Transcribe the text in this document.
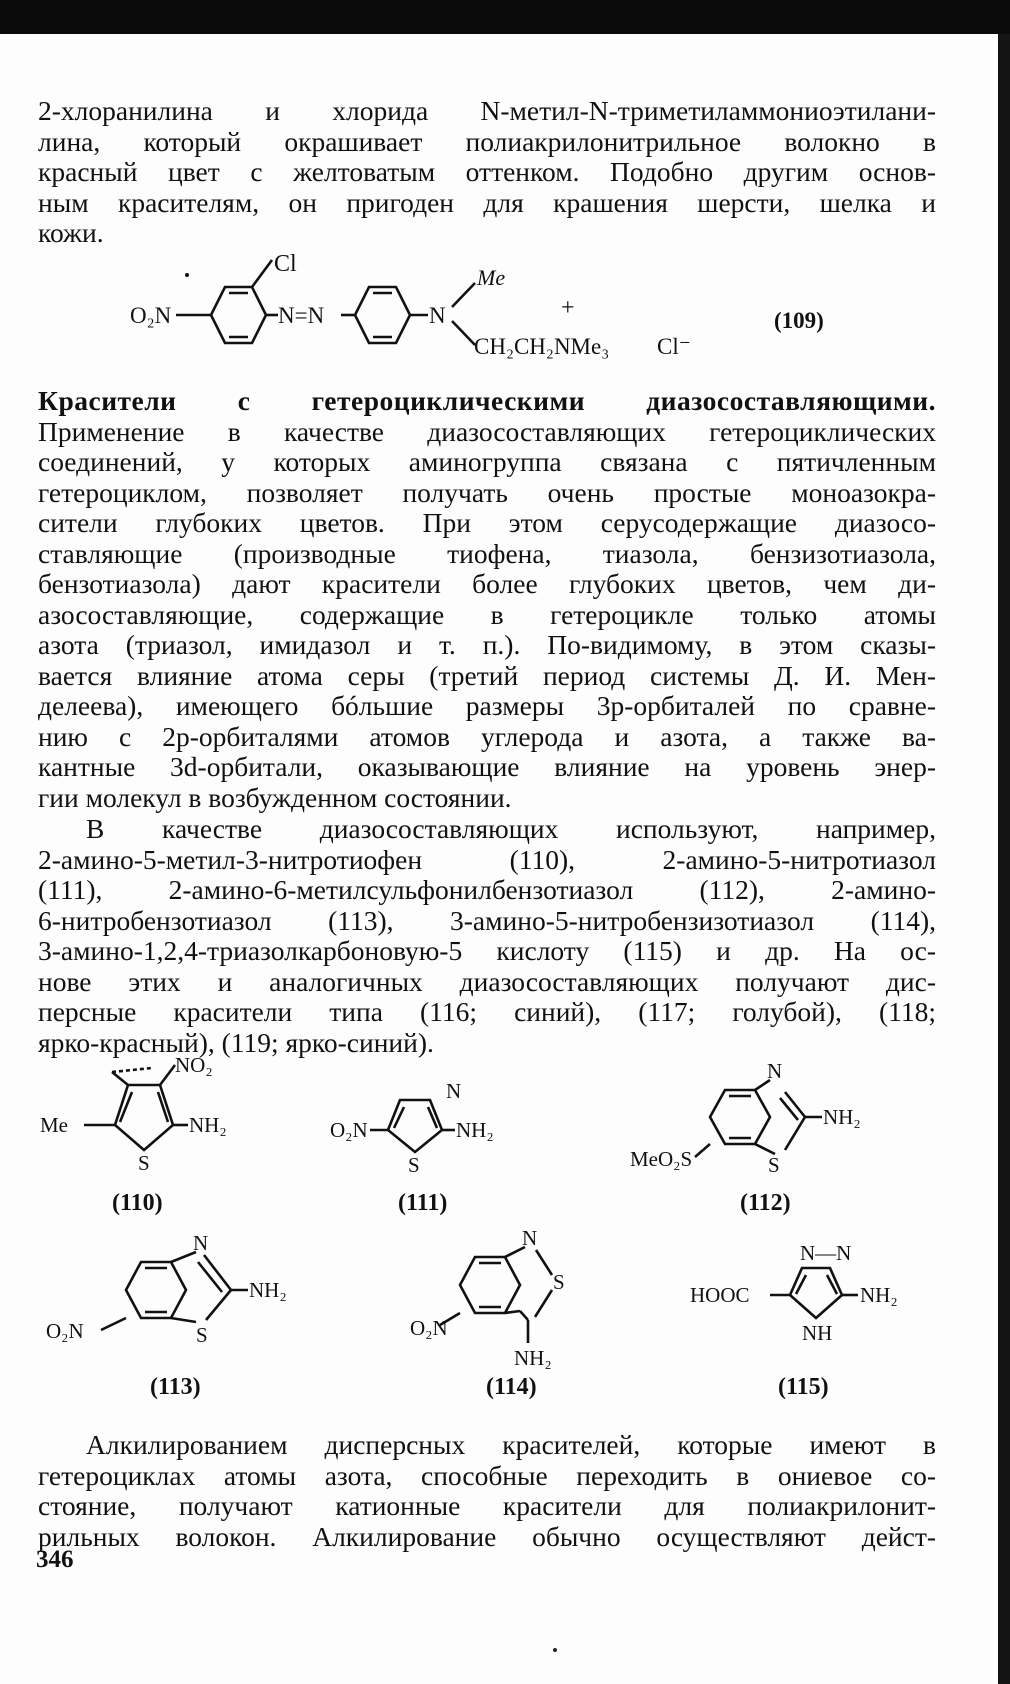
2-хлоранилина и хлорида N-метил-N-триметиламмониоэтилани-
лина, который окрашивает полиакрилонитрильное волокно в
красный цвет с желтоватым оттенком. Подобно другим основ-
ным красителям, он пригоден для крашения шерсти, шелка и
кожи.
Cl
O₂N	N=N	N
Me
+
CH₂CH₂NMe₃ Cl⁻
(109)
Красители с гетероциклическими диазосоставляющими.
Применение в качестве диазосоставляющих гетероциклических
соединений, у которых аминогруппа связана с пятичленным
гетероциклом, позволяет получать очень простые моноазокра-
сители глубоких цветов. При этом серусодержащие диазосо-
ставляющие (производные тиофена, тиазола, бензизотиазола,
бензотиазола) дают красители более глубоких цветов, чем ди-
азосоставляющие, содержащие в гетероцикле только атомы
азота (триазол, имидазол и т. п.). По-видимому, в этом сказы-
вается влияние атома серы (третий период системы Д. И. Мен-
делеева), имеющего бóльшие размеры 3p-орбиталей по сравне-
нию с 2p-орбиталями атомов углерода и азота, а также ва-
кантные 3d-орбитали, оказывающие влияние на уровень энер-
гии молекул в возбужденном состоянии.
В качестве диазосоставляющих используют, например,
2-амино-5-метил-3-нитротиофен (110), 2-амино-5-нитротиазол
(111), 2-амино-6-метилсульфонилбензотиазол (112), 2-амино-
6-нитробензотиазол (113), 3-амино-5-нитробензизотиазол (114),
3-амино-1,2,4-триазолкарбоновую-5 кислоту (115) и др. На ос-
нове этих и аналогичных диазосоставляющих получают дис-
персные красители типа (116; синий), (117; голубой), (118;
ярко-красный), (119; ярко-синий).
NO₂
Me	NH₂
S
O₂N
N
NH₂
S
N
NH₂
S
MeO₂S
(110)	(111)	(112)
N
NH₂
S
O₂N
N
S
O₂N
NH₂
N—N
HOOC	NH₂
NH
(113)	(114)	(115)
Алкилированием дисперсных красителей, которые имеют в
гетероциклах атомы азота, способные переходить в ониевое со-
стояние, получают катионные красители для полиакрилонит-
рильных волокон. Алкилирование обычно осуществляют дейст-
346
